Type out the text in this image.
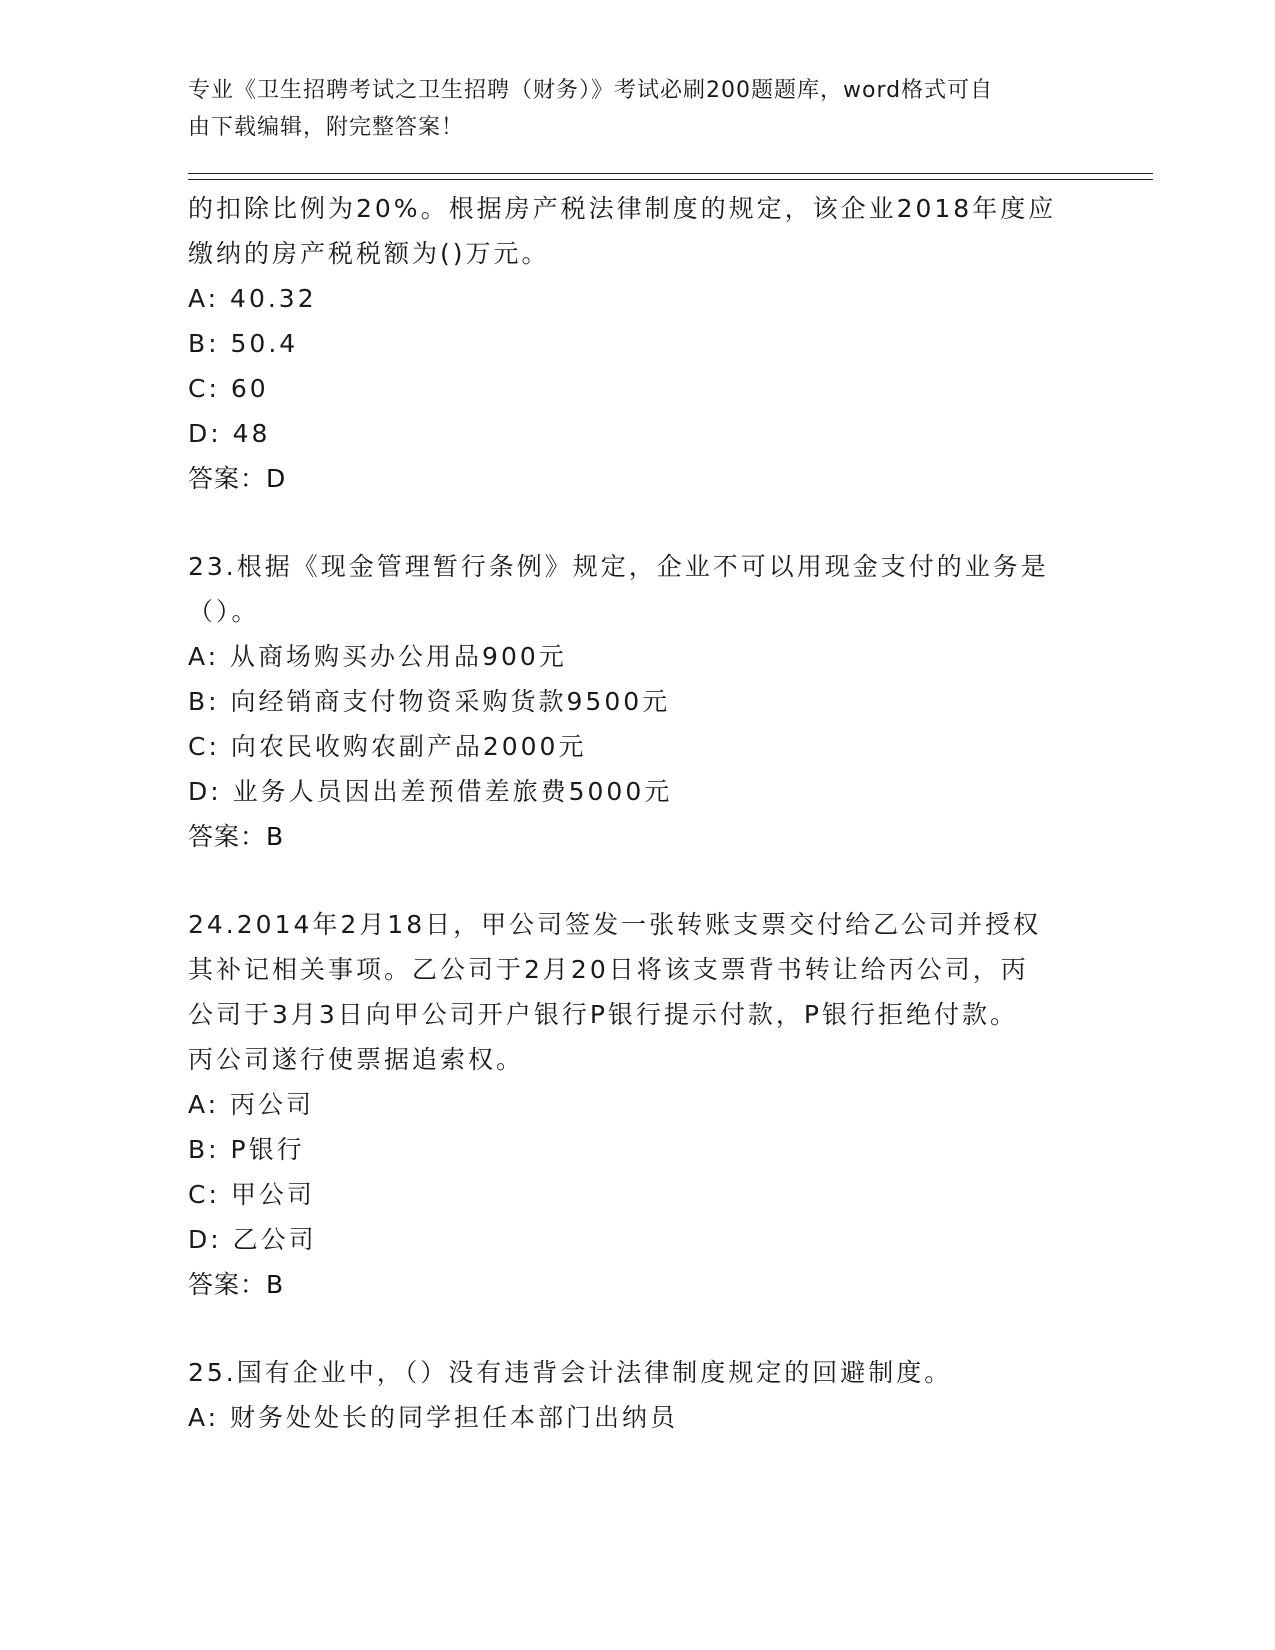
专业《卫生招聘考试之卫生招聘（财务）》考试必刷200题题库，word格式可自
由下载编辑，附完整答案！
的扣除比例为20%。根据房产税法律制度的规定，该企业2018年度应
缴纳的房产税税额为()万元。
A: 40.32
B: 50.4
C: 60
D: 48
答案：D
23.根据《现金管理暂行条例》规定，企业不可以用现金支付的业务是
（）。
A: 从商场购买办公用品900元
B: 向经销商支付物资采购货款9500元
C: 向农民收购农副产品2000元
D: 业务人员因出差预借差旅费5000元
答案：B
24.2014年2月18日，甲公司签发一张转账支票交付给乙公司并授权
其补记相关事项。乙公司于2月20日将该支票背书转让给丙公司，丙
公司于3月3日向甲公司开户银行P银行提示付款，P银行拒绝付款。
丙公司遂行使票据追索权。
A: 丙公司
B: P银行
C: 甲公司
D: 乙公司
答案：B
25.国有企业中，（）没有违背会计法律制度规定的回避制度。
A: 财务处处长的同学担任本部门出纳员
